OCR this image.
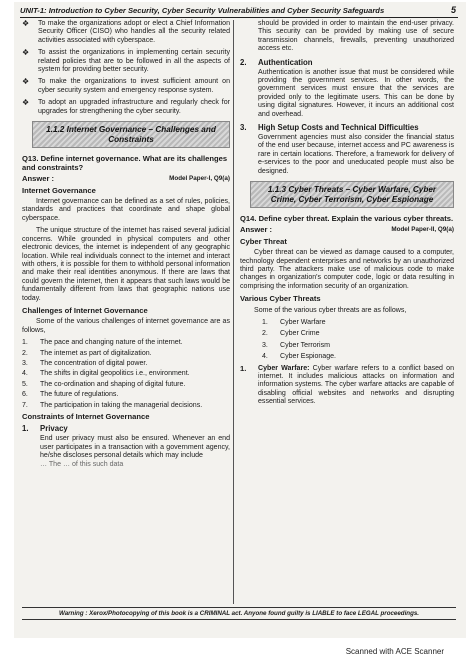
UNIT-1: Introduction to Cyber Security, Cyber Security Vulnerabilities and Cyber Security Safeguards	5
❖	To make the organizations adopt or elect a Chief Information Security Officer (CISO) who handles all the security related activities associated with cyberspace.
❖	To assist the organizations in implementing certain security related policies that are to be followed in all the aspects of system for providing better security.
❖	To make the organizations to invest sufficient amount on cyber security system and emergency response system.
❖	To adopt an upgraded infrastructure and regularly check for upgrades for strengthening the cyber security.
1.1.2 Internet Governance – Challenges and Constraints
Q13. Define internet governance. What are its challenges and constraints?
Answer :	Model Paper-I, Q9(a)
Internet Governance

Internet governance can be defined as a set of rules, policies, standards and practices that coordinate and shape global cyberspace.

The unique structure of the internet has raised several judicial concerns. While grounded in physical computers and other electronic devices, the internet is independent of any geographic location. While real individuals connect to the internet and interact with others, it is possible for them to withhold personal information and make their real identities anonymous. If there are laws that could govern the internet, then it appears that such laws would be fundamentally different from laws that geographic nations use today.

Challenges of Internet Governance

Some of the various challenges of internet governance are as follows,

1.	The pace and changing nature of the internet.
2.	The internet as part of digitalization.
3.	The concentration of digital power.
4.	The shifts in digital geopolitics i.e., environment.
5.	The co-ordination and shaping of digital future.
6.	The future of regulations.
7.	The participation in taking the managerial decisions.
Constraints of Internet Governance
1.	Privacy

End user privacy must also be ensured. Whenever an end user participates in a transaction with a government agency, he/she discloses personal details which may include

… The … of this such data

should be provided in order to maintain the end-user privacy. This security can be provided by making use of secure transmission channels, firewalls, preventing unauthorized access etc.

2.	Authentication

Authentication is another issue that must be considered while providing the government services. In other words, the government services must ensure that the services are provided only to the legitimate users. This can be done by using digital signatures. However, it incurs an additional cost and overhead.

3.	High Setup Costs and Technical Difficulties

Government agencies must also consider the financial status of the end user because, internet access and PC awareness is rare in certain locations. Therefore, a framework for delivery of e-services to the poor and uneducated people must also be designed.

1.1.3 Cyber Threats – Cyber Warfare, Cyber Crime, Cyber Terrorism, Cyber Espionage
Q14. Define cyber threat. Explain the various cyber threats.
Answer :	Model Paper-II, Q9(a)
Cyber Threat

Cyber threat can be viewed as damage caused to a computer, technology dependent enterprises and networks by an unauthorized third party. The attackers make use of malicious code to make changes in organization's computer code, logic or data resulting in comprising the information security of an organization.

Various Cyber Threats

Some of the various cyber threats are as follows,

1.	Cyber Warfare
2.	Cyber Crime
3.	Cyber Terrorism
4.	Cyber Espionage.
1.	Cyber Warfare: Cyber warfare refers to a conflict based on internet. It includes malicious attacks on information and information systems. The cyber warfare attacks are capable of disabling official websites and networks and disrupting essential services.
Warning : Xerox/Photocopying of this book is a CRIMINAL act. Anyone found guilty is LIABLE to face LEGAL proceedings.
Scanned with ACE Scanner
